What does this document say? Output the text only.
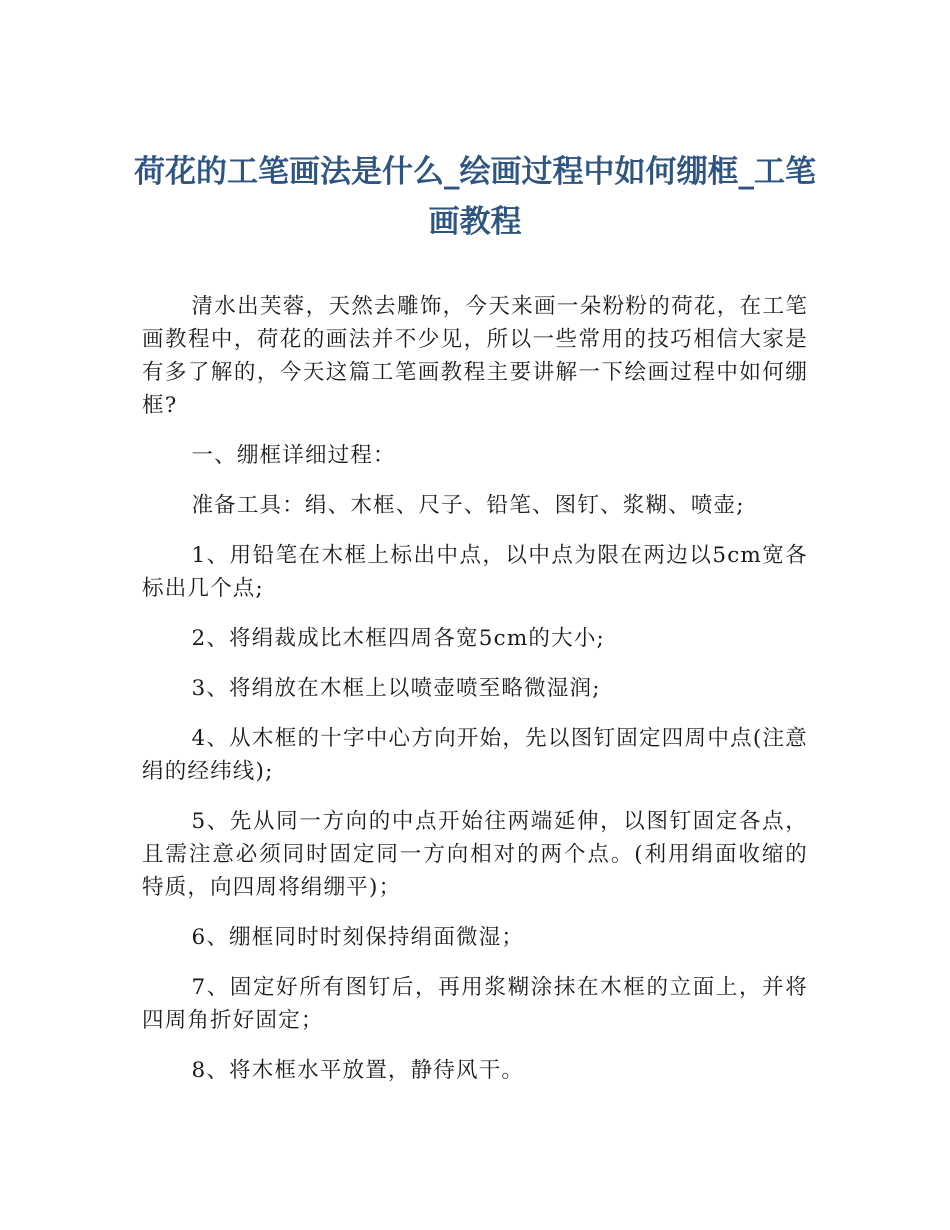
荷花的工笔画法是什么_绘画过程中如何绷框_工笔画教程

清水出芙蓉，天然去雕饰，今天来画一朵粉粉的荷花，在工笔画教程中，荷花的画法并不少见，所以一些常用的技巧相信大家是有多了解的，今天这篇工笔画教程主要讲解一下绘画过程中如何绷框?

一、绷框详细过程：

准备工具：绢、木框、尺子、铅笔、图钉、浆糊、喷壶;

1、用铅笔在木框上标出中点，以中点为限在两边以5cm宽各标出几个点;

2、将绢裁成比木框四周各宽5cm的大小;

3、将绢放在木框上以喷壶喷至略微湿润;

4、从木框的十字中心方向开始，先以图钉固定四周中点(注意绢的经纬线);

5、先从同一方向的中点开始往两端延伸，以图钉固定各点，且需注意必须同时固定同一方向相对的两个点。(利用绢面收缩的特质，向四周将绢绷平)；

6、绷框同时时刻保持绢面微湿；

7、固定好所有图钉后，再用浆糊涂抹在木框的立面上，并将四周角折好固定；

8、将木框水平放置，静待风干。
